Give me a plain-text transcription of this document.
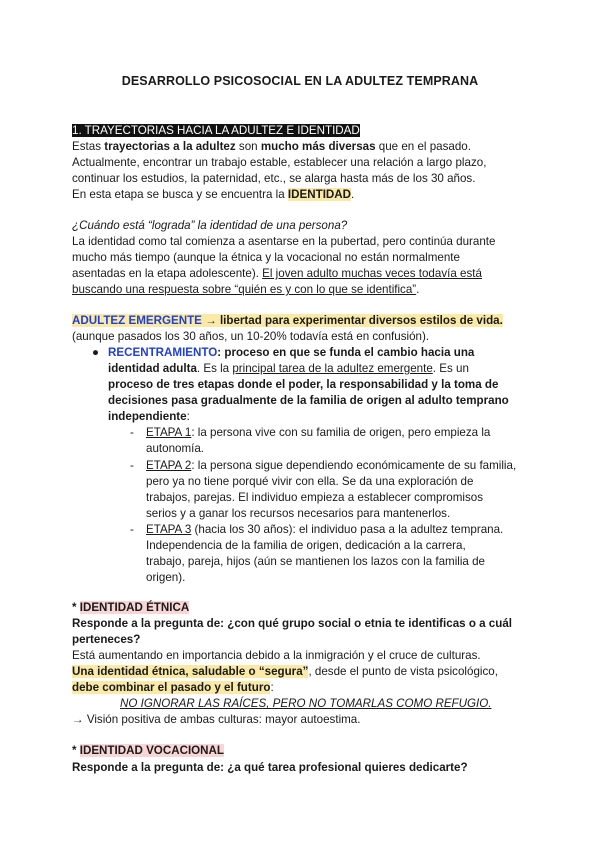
DESARROLLO PSICOSOCIAL EN LA ADULTEZ TEMPRANA
1. TRAYECTORIAS HACIA LA ADULTEZ E IDENTIDAD
Estas trayectorias a la adultez son mucho más diversas que en el pasado.
Actualmente, encontrar un trabajo estable, establecer una relación a largo plazo,
continuar los estudios, la paternidad, etc., se alarga hasta más de los 30 años.
En esta etapa se busca y se encuentra la IDENTIDAD.
¿Cuándo está “lograda” la identidad de una persona?
La identidad como tal comienza a asentarse en la pubertad, pero continúa durante
mucho más tiempo (aunque la étnica y la vocacional no están normalmente
asentadas en la etapa adolescente). El joven adulto muchas veces todavía está
buscando una respuesta sobre “quién es y con lo que se identifica”.
ADULTEZ EMERGENTE → libertad para experimentar diversos estilos de vida.
(aunque pasados los 30 años, un 10-20% todavía está en confusión).
● RECENTRAMIENTO: proceso en que se funda el cambio hacia una
identidad adulta. Es la principal tarea de la adultez emergente. Es un
proceso de tres etapas donde el poder, la responsabilidad y la toma de
decisiones pasa gradualmente de la familia de origen al adulto temprano
independiente:
- ETAPA 1: la persona vive con su familia de origen, pero empieza la
autonomía.
- ETAPA 2: la persona sigue dependiendo económicamente de su familia,
pero ya no tiene porqué vivir con ella. Se da una exploración de
trabajos, parejas. El individuo empieza a establecer compromisos
serios y a ganar los recursos necesarios para mantenerlos.
- ETAPA 3 (hacia los 30 años): el individuo pasa a la adultez temprana.
Independencia de la familia de origen, dedicación a la carrera,
trabajo, pareja, hijos (aún se mantienen los lazos con la familia de
origen).
* IDENTIDAD ÉTNICA
Responde a la pregunta de: ¿con qué grupo social o etnia te identificas o a cuál
perteneces?
Está aumentando en importancia debido a la inmigración y el cruce de culturas.
Una identidad étnica, saludable o “segura”, desde el punto de vista psicológico,
debe combinar el pasado y el futuro:
NO IGNORAR LAS RAÍCES, PERO NO TOMARLAS COMO REFUGIO.
→ Visión positiva de ambas culturas: mayor autoestima.
* IDENTIDAD VOCACIONAL
Responde a la pregunta de: ¿a qué tarea profesional quieres dedicarte?
